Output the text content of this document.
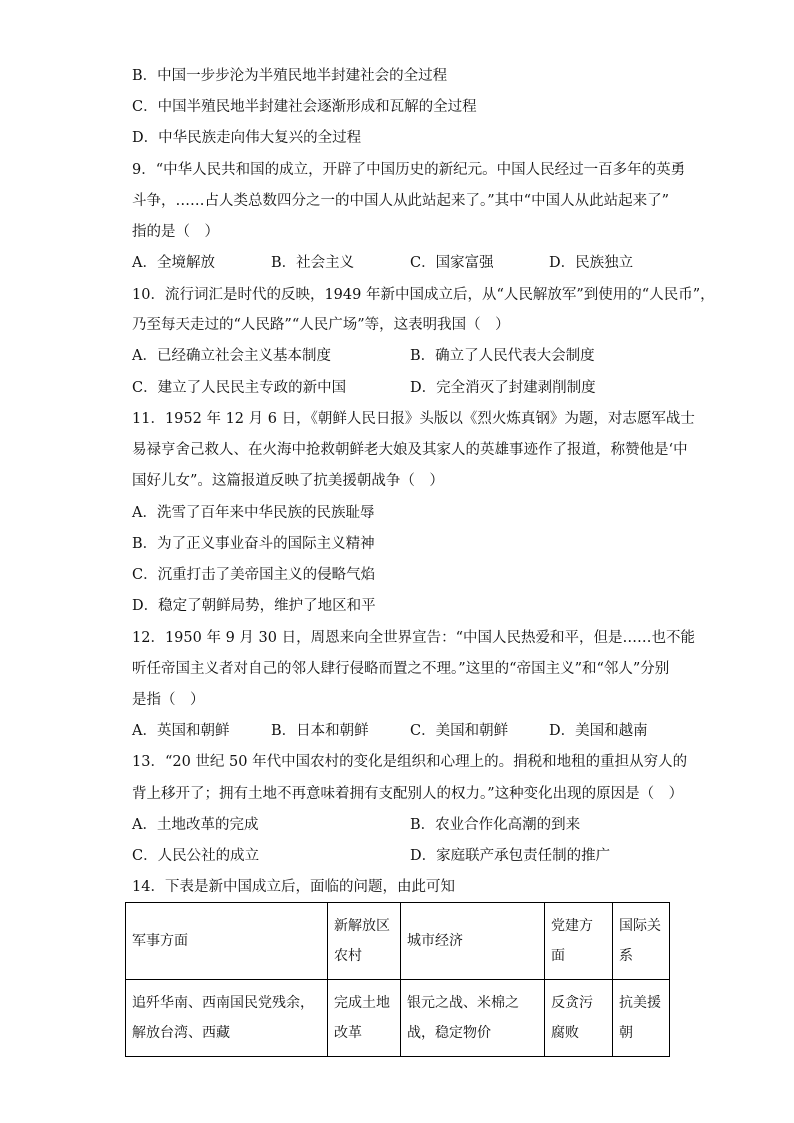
B．中国一步步沦为半殖民地半封建社会的全过程
C．中国半殖民地半封建社会逐渐形成和瓦解的全过程
D．中华民族走向伟大复兴的全过程
9．“中华人民共和国的成立，开辟了中国历史的新纪元。中国人民经过一百多年的英勇
斗争，……占人类总数四分之一的中国人从此站起来了。”其中“中国人从此站起来了”
指的是（　）
A．全境解放	B．社会主义	C．国家富强	D．民族独立
10．流行词汇是时代的反映，1949 年新中国成立后，从“人民解放军”到使用的“人民币”，
乃至每天走过的“人民路”“人民广场”等，这表明我国（　）
A．已经确立社会主义基本制度	B．确立了人民代表大会制度
C．建立了人民民主专政的新中国	D．完全消灭了封建剥削制度
11．1952 年 12 月 6 日，《朝鲜人民日报》头版以《烈火炼真钢》为题，对志愿军战士
易禄亨舍己救人、在火海中抢救朝鲜老大娘及其家人的英雄事迹作了报道，称赞他是‘中
国好儿女”。这篇报道反映了抗美援朝战争（　）
A．洗雪了百年来中华民族的民族耻辱
B．为了正义事业奋斗的国际主义精神
C．沉重打击了美帝国主义的侵略气焰
D．稳定了朝鲜局势，维护了地区和平
12．1950 年 9 月 30 日，周恩来向全世界宣告：“中国人民热爱和平，但是……也不能
听任帝国主义者对自己的邻人肆行侵略而置之不理。”这里的“帝国主义”和“邻人”分别
是指（　）
A．英国和朝鲜	B．日本和朝鲜	C．美国和朝鲜	D．美国和越南
13．“20 世纪 50 年代中国农村的变化是组织和心理上的。捐税和地租的重担从穷人的
背上移开了；拥有土地不再意味着拥有支配别人的权力。”这种变化出现的原因是（　）
A．土地改革的完成	B．农业合作化高潮的到来
C．人民公社的成立	D．家庭联产承包责任制的推广
14．下表是新中国成立后，面临的问题，由此可知
军事方面	新解放区农村	城市经济	党建方面	国际关系
追歼华南、西南国民党残余，解放台湾、西藏	完成土地改革	银元之战、米棉之战，稳定物价	反贪污腐败	抗美援朝
